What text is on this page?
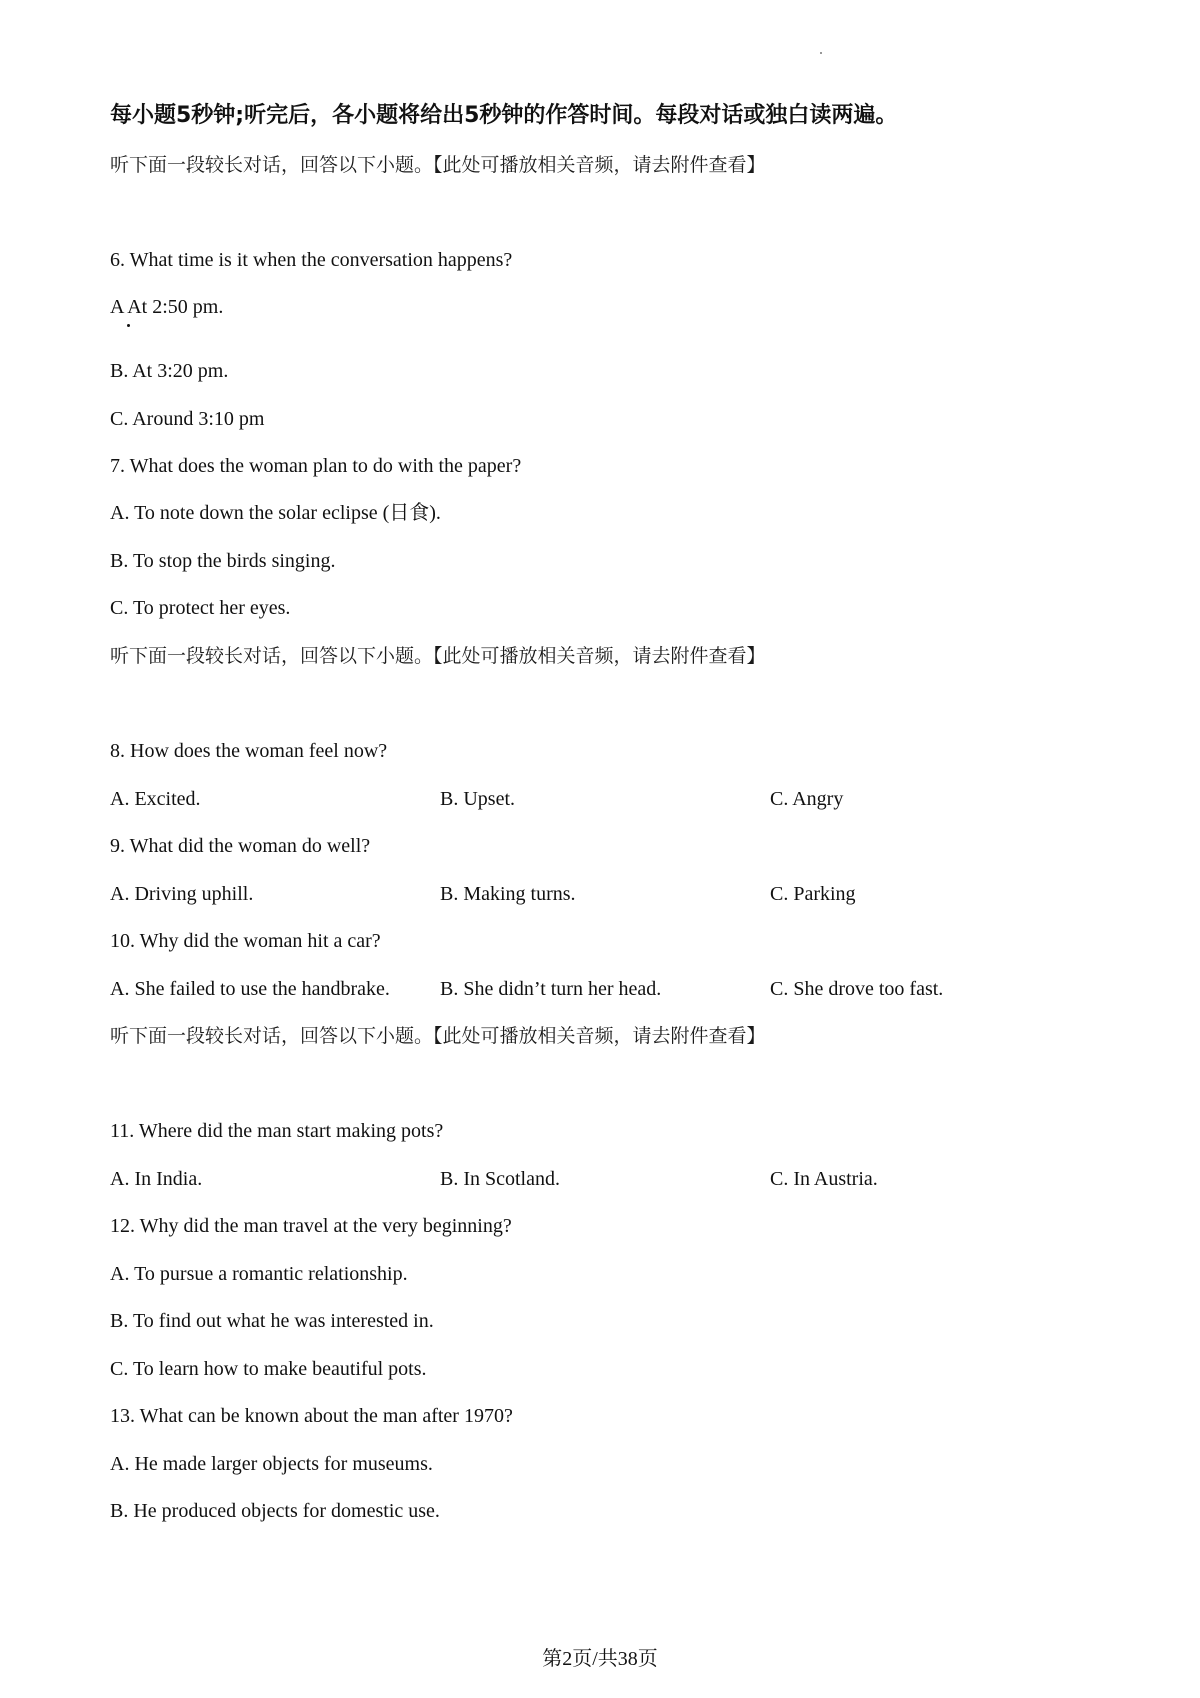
每小题5秒钟;听完后，各小题将给出5秒钟的作答时间。每段对话或独白读两遍。
听下面一段较长对话，回答以下小题。【此处可播放相关音频，请去附件查看】
6. What time is it when the conversation happens?
A At 2:50 pm.
B. At 3:20 pm.
C. Around 3:10 pm
7. What does the woman plan to do with the paper?
A. To note down the solar eclipse (日食).
B. To stop the birds singing.
C. To protect her eyes.
听下面一段较长对话，回答以下小题。【此处可播放相关音频，请去附件查看】
8. How does the woman feel now?
A. Excited.	B. Upset.	C. Angry
9. What did the woman do well?
A. Driving uphill.	B. Making turns.	C. Parking
10. Why did the woman hit a car?
A. She failed to use the handbrake.	B. She didn’t turn her head.	C. She drove too fast.
听下面一段较长对话，回答以下小题。【此处可播放相关音频，请去附件查看】
11. Where did the man start making pots?
A. In India.	B. In Scotland.	C. In Austria.
12. Why did the man travel at the very beginning?
A. To pursue a romantic relationship.
B. To find out what he was interested in.
C. To learn how to make beautiful pots.
13. What can be known about the man after 1970?
A. He made larger objects for museums.
B. He produced objects for domestic use.
第2页/共38页
